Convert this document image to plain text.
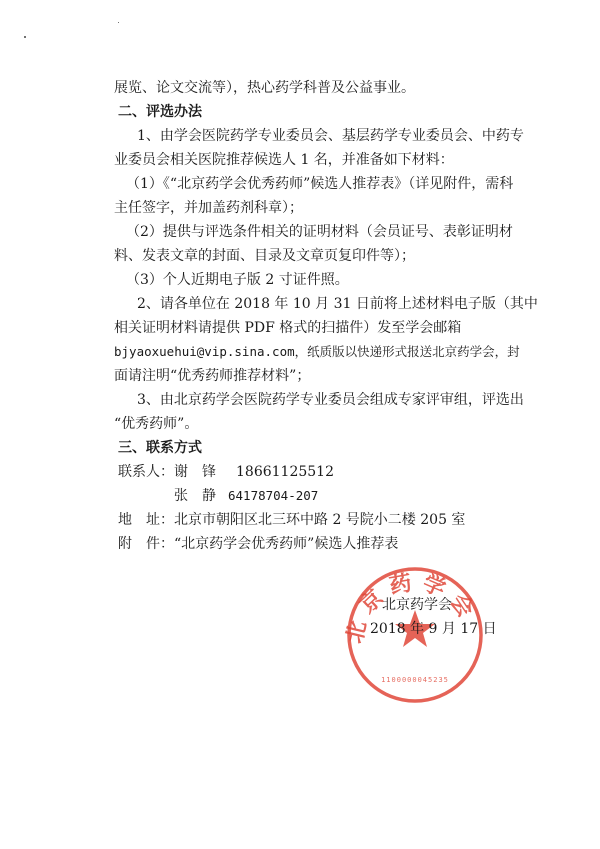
展览、论文交流等），热心药学科普及公益事业。
二、评选办法
1、由学会医院药学专业委员会、基层药学专业委员会、中药专
业委员会相关医院推荐候选人 1 名，并准备如下材料：
（1）《“北京药学会优秀药师”候选人推荐表》（详见附件，需科
主任签字，并加盖药剂科章）；
（2）提供与评选条件相关的证明材料（会员证号、表彰证明材
料、发表文章的封面、目录及文章页复印件等）；
（3）个人近期电子版 2 寸证件照。
2、请各单位在 2018 年 10 月 31 日前将上述材料电子版（其中
相关证明材料请提供 PDF 格式的扫描件）发至学会邮箱
bjyaoxuehui@vip.sina.com，纸质版以快递形式报送北京药学会，封
面请注明“优秀药师推荐材料”；
3、由北京药学会医院药学专业委员会组成专家评审组，评选出
“优秀药师”。
三、联系方式
联系人：谢　锋 18661125512
张　静 64178704-207
地　址：北京市朝阳区北三环中路 2 号院小二楼 205 室
附　件：“北京药学会优秀药师”候选人推荐表
北京药学会
1100000045235
北京药学会
2018 年 9 月 17 日
